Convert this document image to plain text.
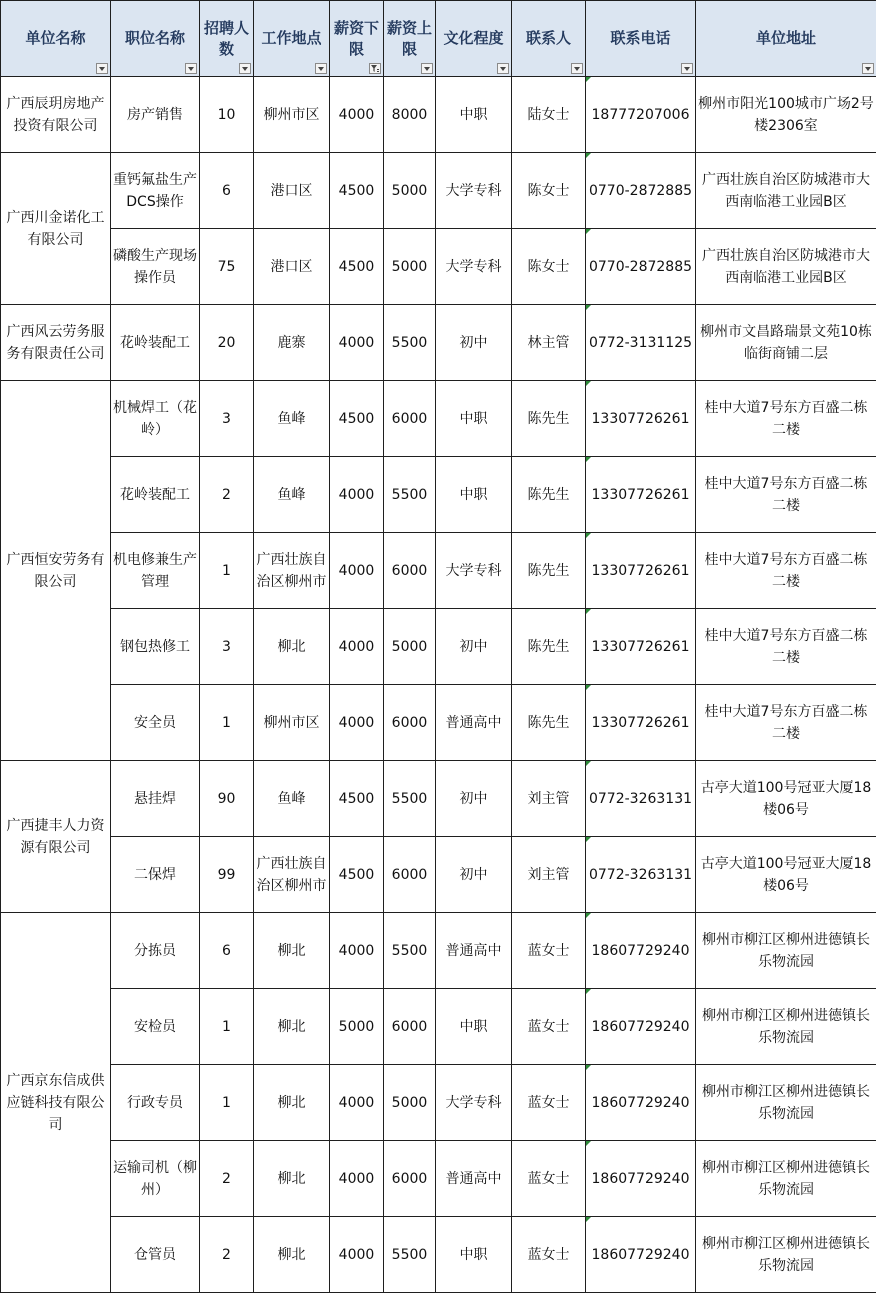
单位名称	职位名称	招聘人数	工作地点	薪资下限	薪资上限	文化程度	联系人	联系电话	单位地址

广西辰玥房地产投资有限公司	房产销售	10	柳州市区	4000	8000	中职	陆女士	18777207006	柳州市阳光100城市广场2号楼2306室
广西川金诺化工有限公司	重钙氟盐生产DCS操作	6	港口区	4500	5000	大学专科	陈女士	0770-2872885	广西壮族自治区防城港市大西南临港工业园B区
	磷酸生产现场操作员	75	港口区	4500	5000	大学专科	陈女士	0770-2872885	广西壮族自治区防城港市大西南临港工业园B区
广西风云劳务服务有限责任公司	花岭装配工	20	鹿寨	4000	5500	初中	林主管	0772-3131125	柳州市文昌路瑞景文苑10栋临街商铺二层
广西恒安劳务有限公司	机械焊工（花岭）	3	鱼峰	4500	6000	中职	陈先生	13307726261	桂中大道7号东方百盛二栋二楼
	花岭装配工	2	鱼峰	4000	5500	中职	陈先生	13307726261	桂中大道7号东方百盛二栋二楼
	机电修兼生产管理	1	广西壮族自治区柳州市	4000	6000	大学专科	陈先生	13307726261	桂中大道7号东方百盛二栋二楼
	钢包热修工	3	柳北	4000	5000	初中	陈先生	13307726261	桂中大道7号东方百盛二栋二楼
	安全员	1	柳州市区	4000	6000	普通高中	陈先生	13307726261	桂中大道7号东方百盛二栋二楼
广西捷丰人力资源有限公司	悬挂焊	90	鱼峰	4500	5500	初中	刘主管	0772-3263131	古亭大道100号冠亚大厦18楼06号
	二保焊	99	广西壮族自治区柳州市	4500	6000	初中	刘主管	0772-3263131	古亭大道100号冠亚大厦18楼06号
广西京东信成供应链科技有限公司	分拣员	6	柳北	4000	5500	普通高中	蓝女士	18607729240	柳州市柳江区柳州进德镇长乐物流园
	安检员	1	柳北	5000	6000	中职	蓝女士	18607729240	柳州市柳江区柳州进德镇长乐物流园
	行政专员	1	柳北	4000	5000	大学专科	蓝女士	18607729240	柳州市柳江区柳州进德镇长乐物流园
	运输司机（柳州）	2	柳北	4000	6000	普通高中	蓝女士	18607729240	柳州市柳江区柳州进德镇长乐物流园
	仓管员	2	柳北	4000	5500	中职	蓝女士	18607729240	柳州市柳江区柳州进德镇长乐物流园
